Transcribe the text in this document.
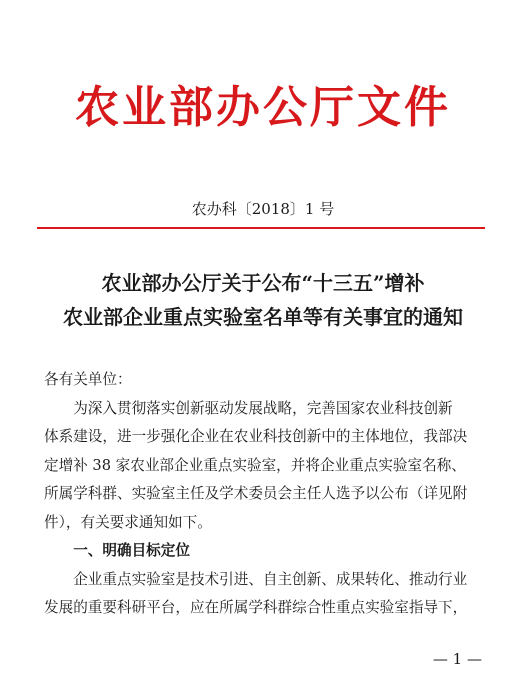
农业部办公厅文件
农办科〔2018〕1 号
农业部办公厅关于公布“十三五”增补
农业部企业重点实验室名单等有关事宜的通知
各有关单位：
为深入贯彻落实创新驱动发展战略，完善国家农业科技创新
体系建设，进一步强化企业在农业科技创新中的主体地位，我部决
定增补 38 家农业部企业重点实验室，并将企业重点实验室名称、
所属学科群、实验室主任及学术委员会主任人选予以公布（详见附
件），有关要求通知如下。
一、明确目标定位
企业重点实验室是技术引进、自主创新、成果转化、推动行业
发展的重要科研平台，应在所属学科群综合性重点实验室指导下，
— 1 —
